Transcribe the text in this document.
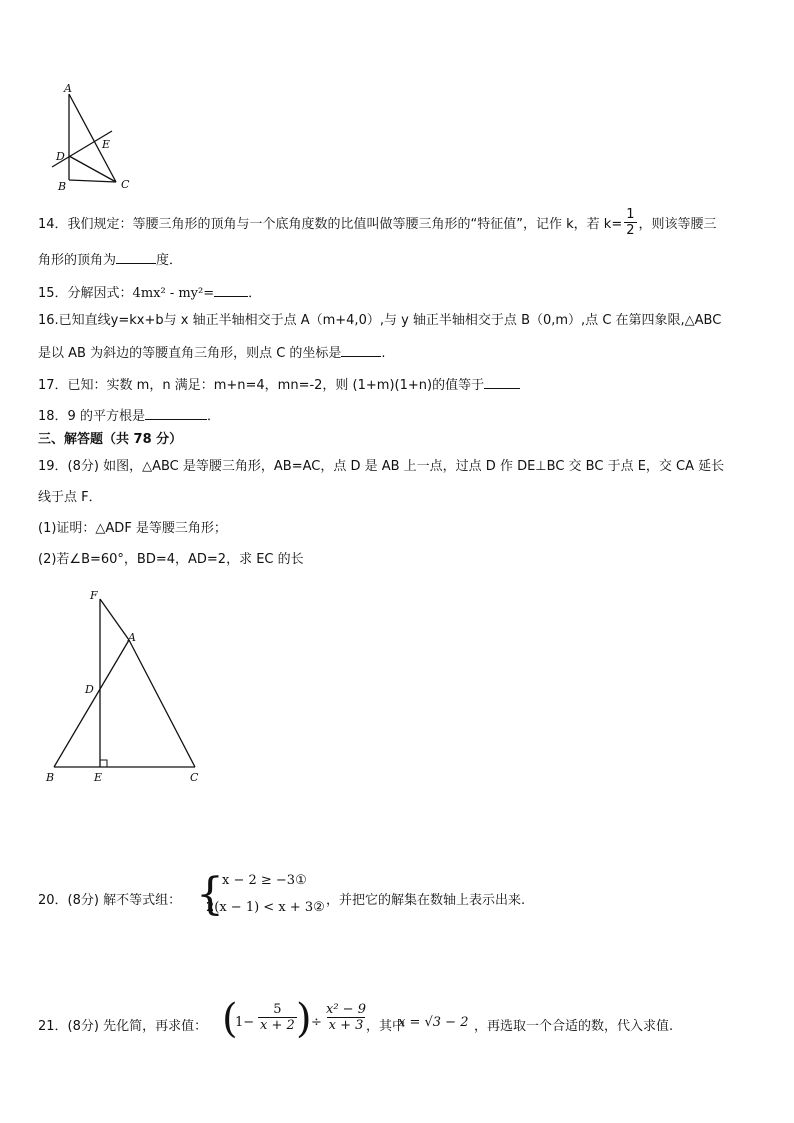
A
D
E
B	C
14．我们规定：等腰三角形的顶角与一个底角度数的比值叫做等腰三角形的“特征值”，记作 k，若 $k= \frac{1}{2}$ ，则该等腰三
角形的顶角为	度．
15．分解因式：4mx² - my²=	．
16.已知直线y=kx+b与 x 轴正半轴相交于点 A（m+4,0）,与 y 轴正半轴相交于点 B（0,m）,点 C 在第四象限,△ABC
是以 AB 为斜边的等腰直角三角形，则点 C 的坐标是	.
17．已知：实数 m，n 满足：m+n=4，mn=-2，则 (1+m)(1+n)的值等于
18．9 的平方根是	．
三、解答题（共 78 分）
19．(8分) 如图，△ABC 是等腰三角形，AB=AC，点 D 是 AB 上一点，过点 D 作 DE⊥BC 交 BC 于点 E，交 CA 延长
线于点 F．
(1)证明：△ADF 是等腰三角形；
(2)若∠B=60°，BD=4，AD=2，求 EC 的长
F
A
D
B	E	C
20．(8分) 解不等式组： {
x − 2 ≥ −3①
2(x − 1) < x + 3② ，并把它的解集在数轴上表示出来.
21．(8分) 先化简，再求值： (
$1- \frac{5}{x + 2}$ ) ÷ $\frac{\text{x² − 9}}{x + 3}$
，其中
x = √3 − 2 ，再选取一个合适的数，代入求值.
